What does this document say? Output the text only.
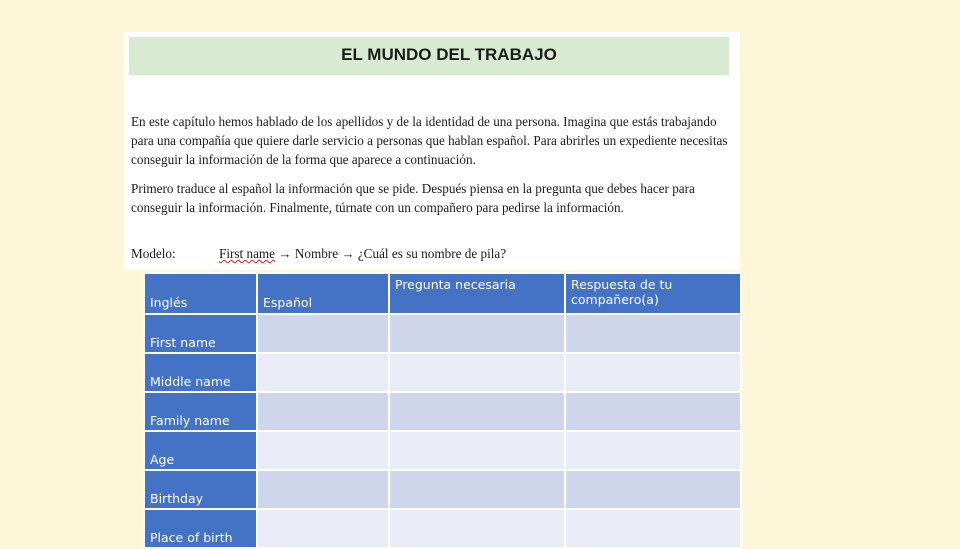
EL MUNDO DEL TRABAJO
En este capítulo hemos hablado de los apellidos y de la identidad de una persona. Imagina que estás trabajando para una compañía que quiere darle servicio a personas que hablan español. Para abrirles un expediente necesitas conseguir la información de la forma que aparece a continuación.
Primero traduce al español la información que se pide. Después piensa en la pregunta que debes hacer para conseguir la información. Finalmente, túrnate con un compañero para pedirse la información.
Modelo:	First name → Nombre → ¿Cuál es su nombre de pila?
Inglés	Español	Pregunta necesaria	Respuesta de tu compañero(a)
First name			
Middle name			
Family name			
Age			
Birthday			
Place of birth			
